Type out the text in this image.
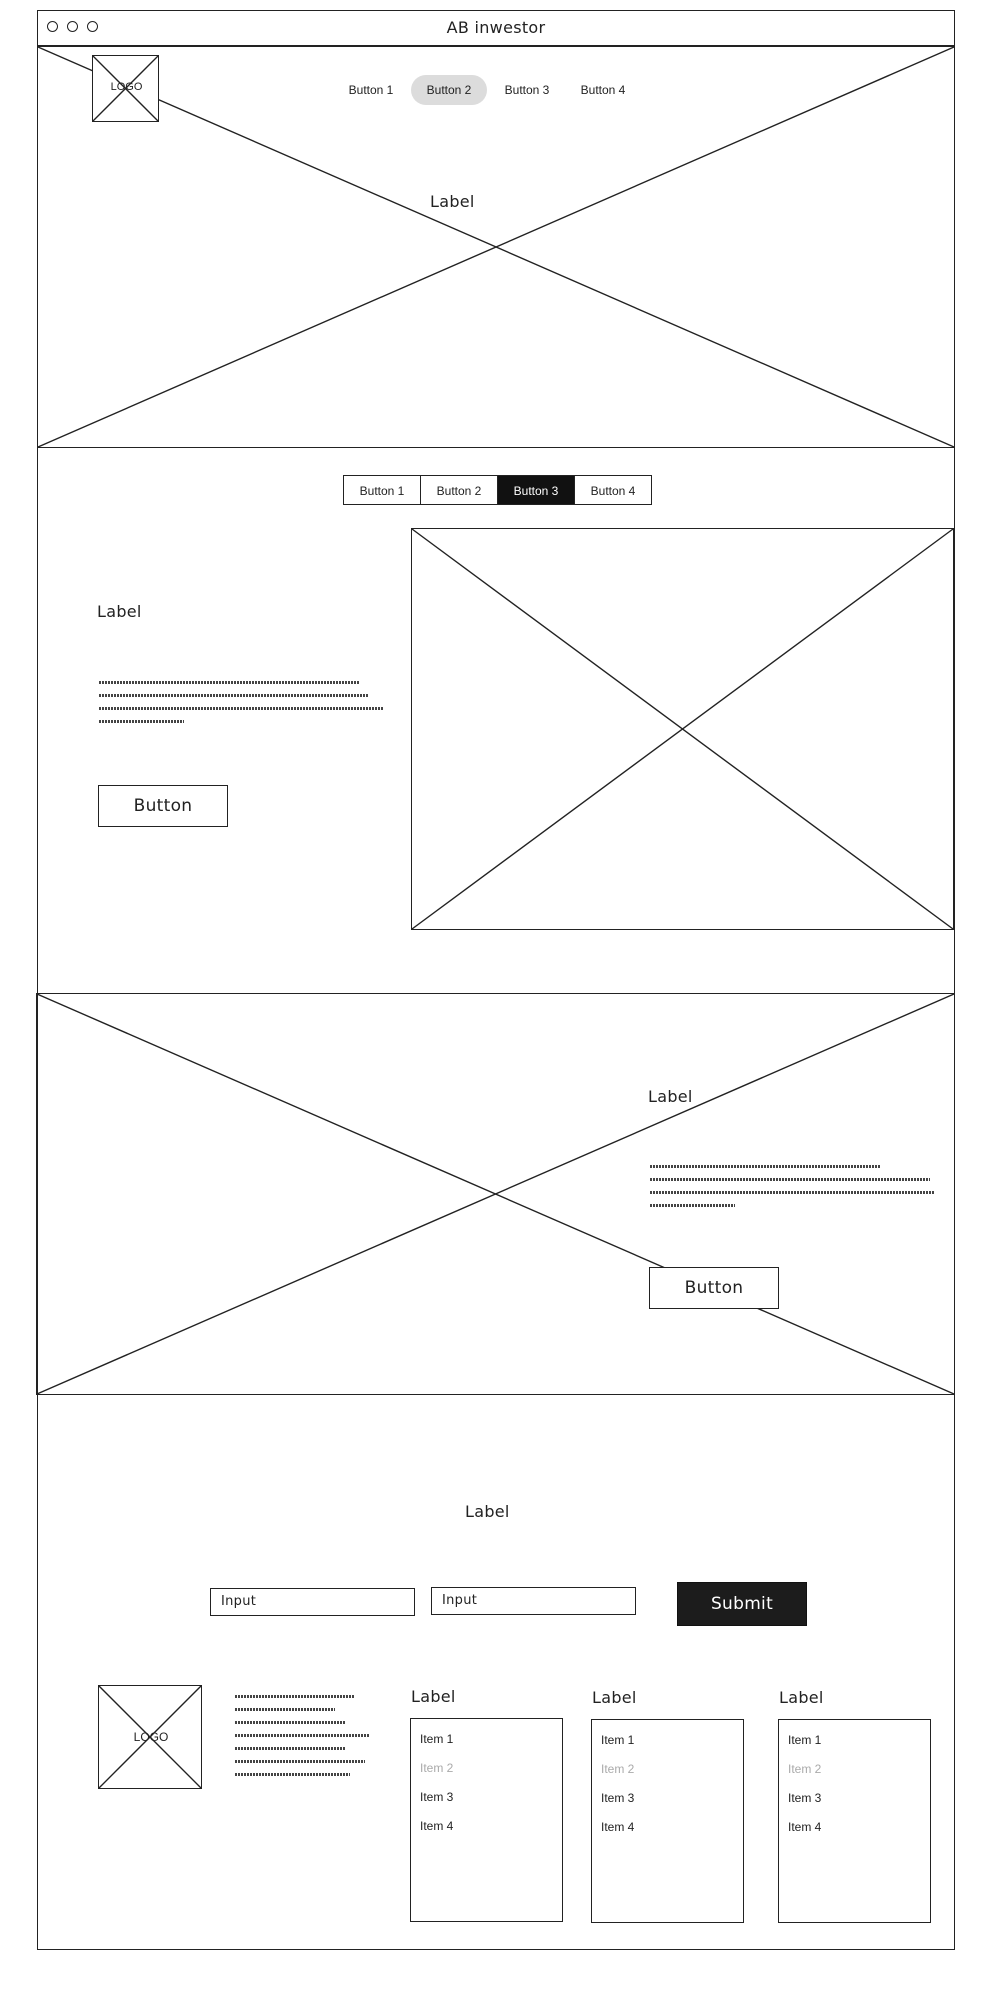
AB inwestor
LOGO	Button 1	Button 2	Button 3	Button 4
Label
Button 1	Button 2	Button 3	Button 4
Label
Button
Label
Button
Label
Input	Input	Submit
LOGO
Label
Item 1
Item 2
Item 3
Item 4
Label
Item 1
Item 2
Item 3
Item 4
Label
Item 1
Item 2
Item 3
Item 4
